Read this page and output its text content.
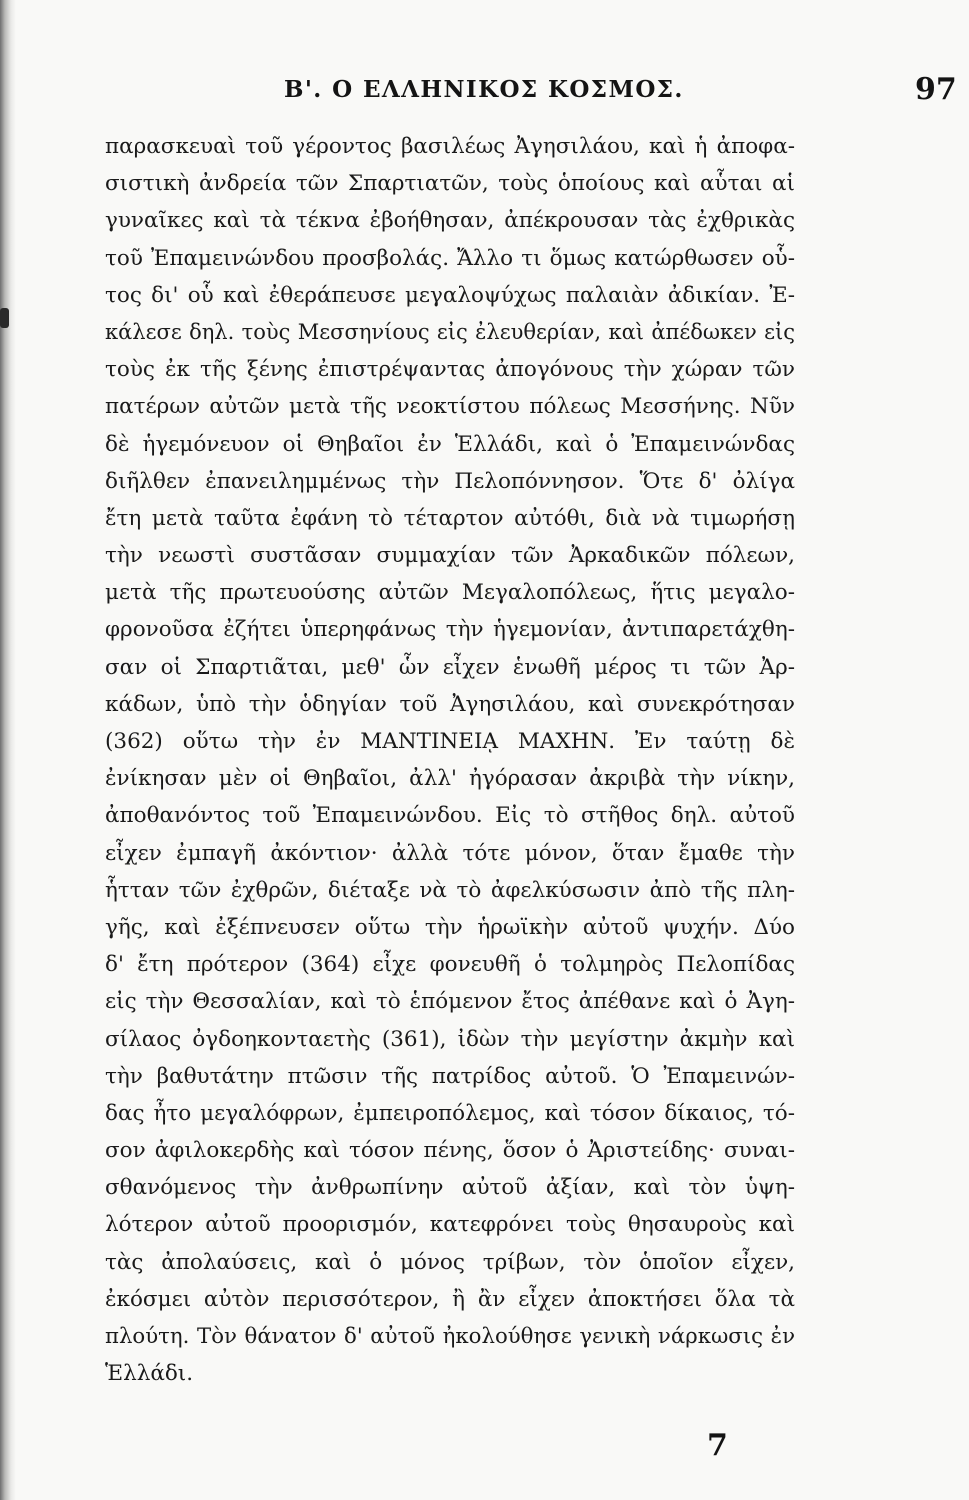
Β'. Ο ΕΛΛΗΝΙΚΟΣ ΚΟΣΜΟΣ.	97
παρασκευαὶ τοῦ γέροντος βασιλέως Ἀγησιλάου, καὶ ἡ ἀποφα-
σιστικὴ ἀνδρεία τῶν Σπαρτιατῶν, τοὺς ὁποίους καὶ αὗται αἱ
γυναῖκες καὶ τὰ τέκνα ἐβοήθησαν, ἀπέκρουσαν τὰς ἐχθρικὰς
τοῦ Ἐπαμεινώνδου προσβολάς. Ἄλλο τι ὅμως κατώρθωσεν οὗ-
τος δι' οὗ καὶ ἐθεράπευσε μεγαλοψύχως παλαιὰν ἀδικίαν. Ἐ-
κάλεσε δηλ. τοὺς Μεσσηνίους εἰς ἐλευθερίαν, καὶ ἀπέδωκεν εἰς
τοὺς ἐκ τῆς ξένης ἐπιστρέψαντας ἀπογόνους τὴν χώραν τῶν
πατέρων αὐτῶν μετὰ τῆς νεοκτίστου πόλεως Μεσσήνης. Νῦν
δὲ ἡγεμόνευον οἱ Θηβαῖοι ἐν Ἑλλάδι, καὶ ὁ Ἐπαμεινώνδας
διῆλθεν ἐπανειλημμένως τὴν Πελοπόννησον. Ὅτε δ' ὀλίγα
ἔτη μετὰ ταῦτα ἐφάνη τὸ τέταρτον αὐτόθι, διὰ νὰ τιμωρήσῃ
τὴν νεωστὶ συστᾶσαν συμμαχίαν τῶν Ἀρκαδικῶν πόλεων,
μετὰ τῆς πρωτευούσης αὐτῶν Μεγαλοπόλεως, ἥτις μεγαλο-
φρονοῦσα ἐζήτει ὑπερηφάνως τὴν ἡγεμονίαν, ἀντιπαρετάχθη-
σαν οἱ Σπαρτιᾶται, μεθ' ὧν εἶχεν ἑνωθῆ μέρος τι τῶν Ἀρ-
κάδων, ὑπὸ τὴν ὁδηγίαν τοῦ Ἀγησιλάου, καὶ συνεκρότησαν
(362) οὕτω τὴν ἐν ΜΑΝΤΙΝΕΙᾼ ΜΑΧΗΝ. Ἐν ταύτῃ δὲ
ἐνίκησαν μὲν οἱ Θηβαῖοι, ἀλλ' ἠγόρασαν ἀκριβὰ τὴν νίκην,
ἀποθανόντος τοῦ Ἐπαμεινώνδου. Εἰς τὸ στῆθος δηλ. αὐτοῦ
εἶχεν ἐμπαγῆ ἀκόντιον· ἀλλὰ τότε μόνον, ὅταν ἔμαθε τὴν
ἧτταν τῶν ἐχθρῶν, διέταξε νὰ τὸ ἀφελκύσωσιν ἀπὸ τῆς πλη-
γῆς, καὶ ἐξέπνευσεν οὕτω τὴν ἡρωϊκὴν αὐτοῦ ψυχήν. Δύο
δ' ἔτη πρότερον (364) εἶχε φονευθῆ ὁ τολμηρὸς Πελοπίδας
εἰς τὴν Θεσσαλίαν, καὶ τὸ ἑπόμενον ἔτος ἀπέθανε καὶ ὁ Ἀγη-
σίλαος ὀγδοηκονταετὴς (361), ἰδὼν τὴν μεγίστην ἀκμὴν καὶ
τὴν βαθυτάτην πτῶσιν τῆς πατρίδος αὐτοῦ. Ὁ Ἐπαμεινών-
δας ἦτο μεγαλόφρων, ἐμπειροπόλεμος, καὶ τόσον δίκαιος, τό-
σον ἀφιλοκερδὴς καὶ τόσον πένης, ὅσον ὁ Ἀριστείδης· συναι-
σθανόμενος τὴν ἀνθρωπίνην αὐτοῦ ἀξίαν, καὶ τὸν ὑψη-
λότερον αὐτοῦ προορισμόν, κατεφρόνει τοὺς θησαυροὺς καὶ
τὰς ἀπολαύσεις, καὶ ὁ μόνος τρίβων, τὸν ὁποῖον εἶχεν,
ἐκόσμει αὐτὸν περισσότερον, ἢ ἂν εἶχεν ἀποκτήσει ὅλα τὰ
πλούτη. Τὸν θάνατον δ' αὐτοῦ ἠκολούθησε γενικὴ νάρκωσις ἐν
Ἑλλάδι.
7
